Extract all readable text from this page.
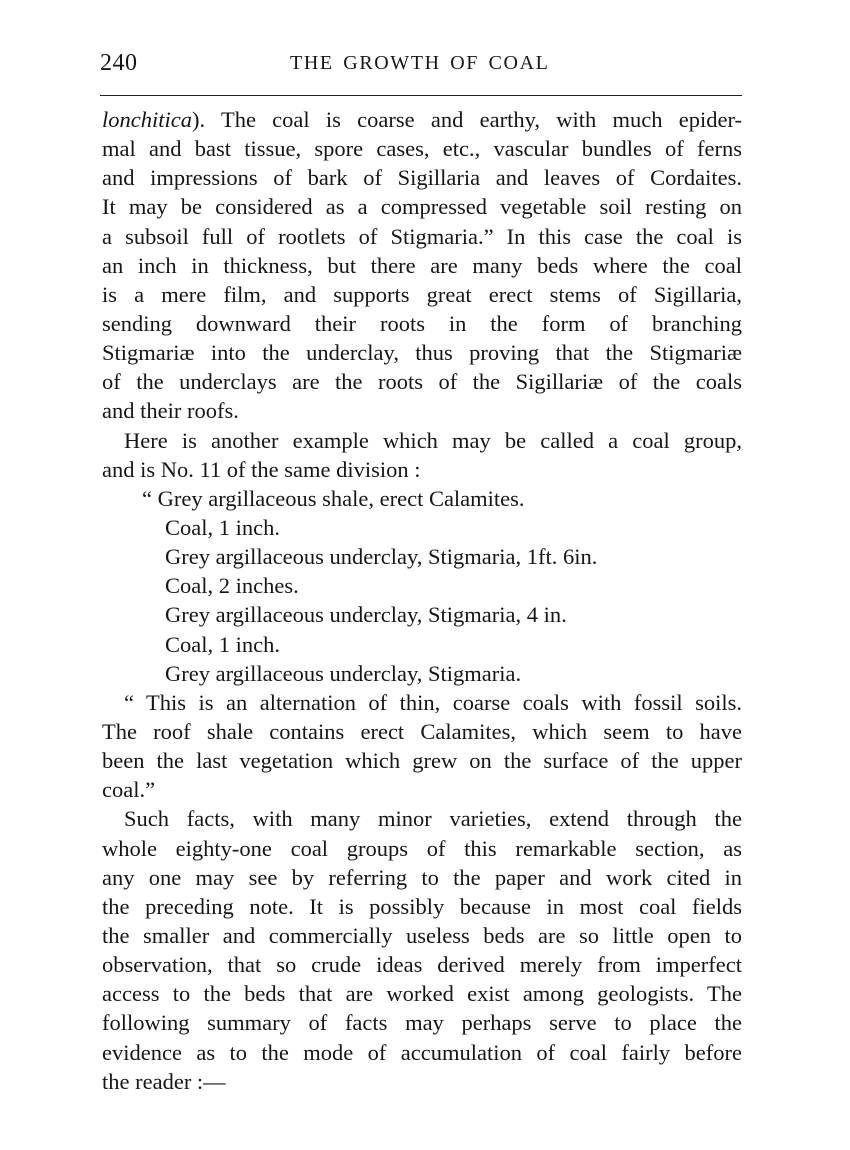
240	THE GROWTH OF COAL
lonchitica). The coal is coarse and earthy, with much epider-
mal and bast tissue, spore cases, etc., vascular bundles of ferns
and impressions of bark of Sigillaria and leaves of Cordaites.
It may be considered as a compressed vegetable soil resting on
a subsoil full of rootlets of Stigmaria.” In this case the coal is
an inch in thickness, but there are many beds where the coal
is a mere film, and supports great erect stems of Sigillaria,
sending downward their roots in the form of branching
Stigmariæ into the underclay, thus proving that the Stigmariæ
of the underclays are the roots of the Sigillariæ of the coals
and their roofs.
Here is another example which may be called a coal group,
and is No. 11 of the same division :
“ Grey argillaceous shale, erect Calamites.
Coal, 1 inch.
Grey argillaceous underclay, Stigmaria, 1ft. 6in.
Coal, 2 inches.
Grey argillaceous underclay, Stigmaria, 4 in.
Coal, 1 inch.
Grey argillaceous underclay, Stigmaria.
“ This is an alternation of thin, coarse coals with fossil soils.
The roof shale contains erect Calamites, which seem to have
been the last vegetation which grew on the surface of the upper
coal.”
Such facts, with many minor varieties, extend through the
whole eighty-one coal groups of this remarkable section, as
any one may see by referring to the paper and work cited in
the preceding note. It is possibly because in most coal fields
the smaller and commercially useless beds are so little open to
observation, that so crude ideas derived merely from imperfect
access to the beds that are worked exist among geologists. The
following summary of facts may perhaps serve to place the
evidence as to the mode of accumulation of coal fairly before
the reader :—
